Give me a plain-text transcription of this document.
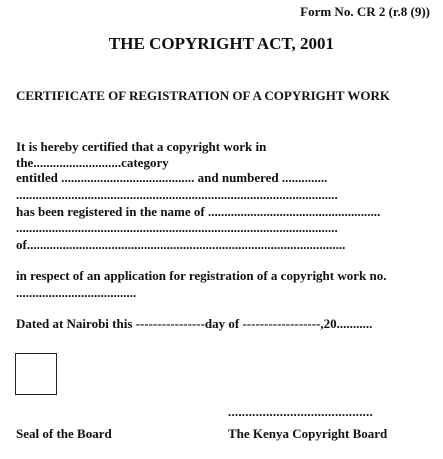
Form No. CR 2 (r.8 (9))
THE COPYRIGHT ACT, 2001
CERTIFICATE OF REGISTRATION OF A COPYRIGHT WORK
It is hereby certified that a copyright work in
the...........................category
entitled ......................................... and numbered ..............
...................................................................................................
has been registered in the name of .....................................................
...................................................................................................
of..................................................................................................
in respect of an application for registration of a copyright work no.
.....................................
Dated at Nairobi this ----------------day of ------------------,20...........
Seal of the Board
..........................................
The Kenya Copyright Board
